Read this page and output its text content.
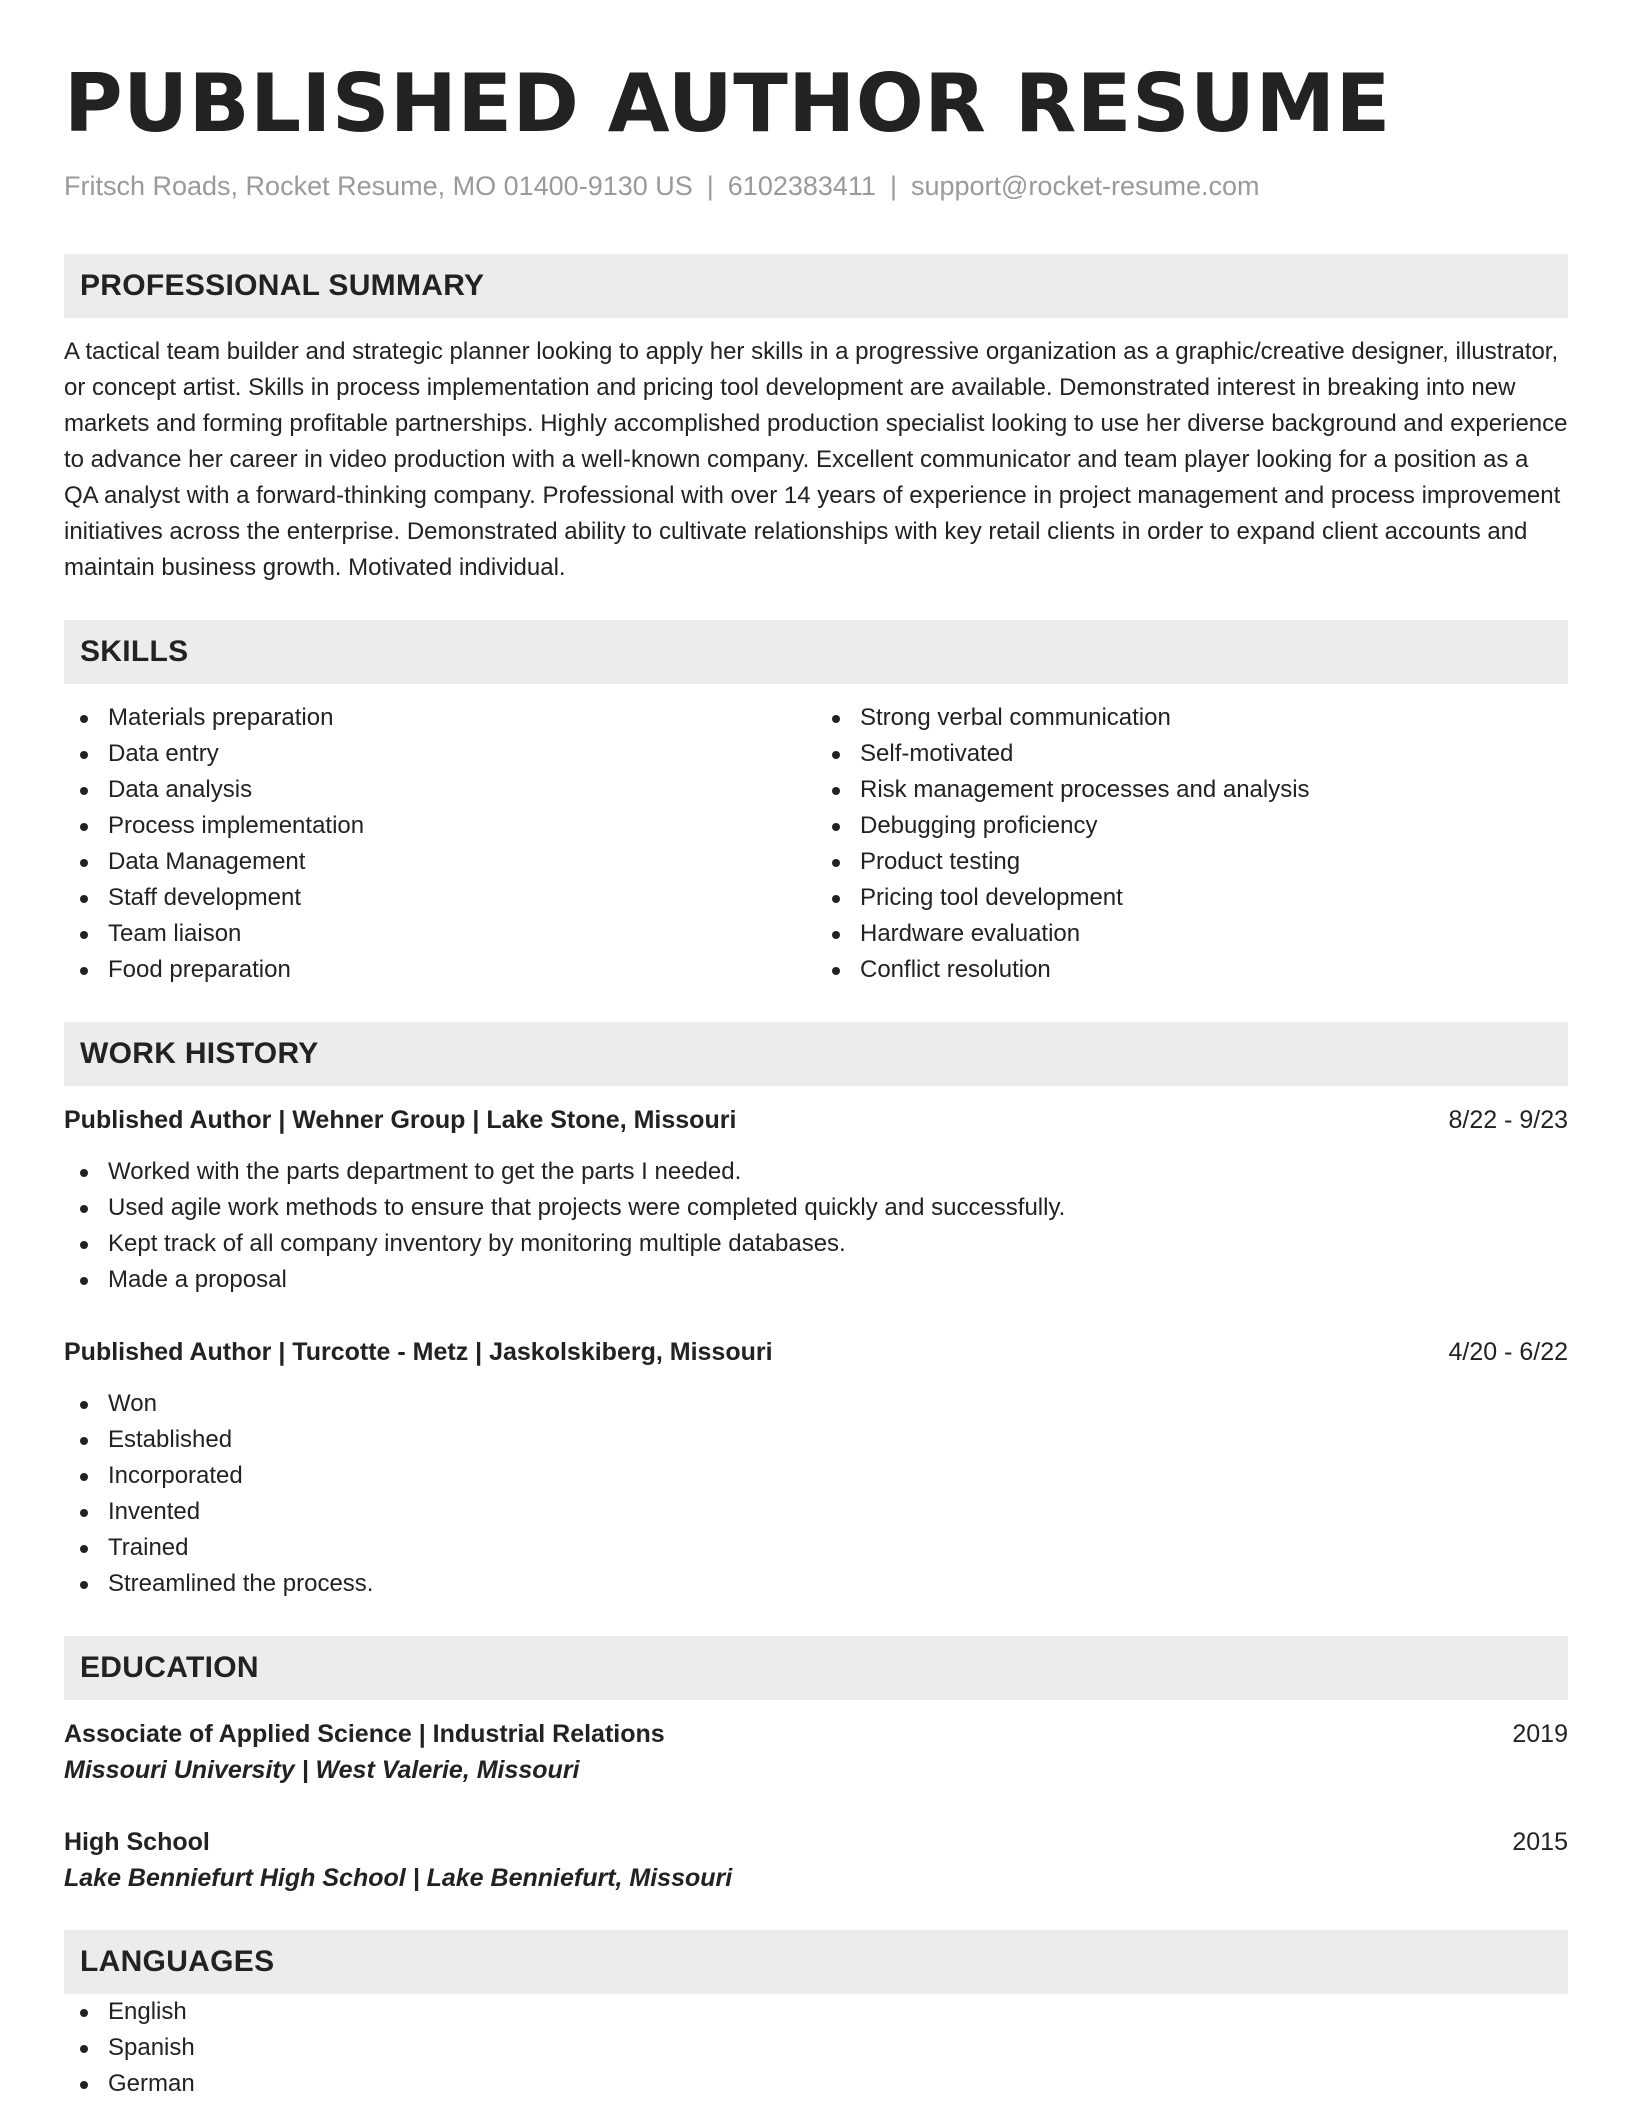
PUBLISHED AUTHOR RESUME
Fritsch Roads, Rocket Resume, MO 01400-9130 US | 6102383411 | support@rocket-resume.com
PROFESSIONAL SUMMARY
A tactical team builder and strategic planner looking to apply her skills in a progressive organization as a graphic/creative designer, illustrator, or concept artist. Skills in process implementation and pricing tool development are available. Demonstrated interest in breaking into new markets and forming profitable partnerships. Highly accomplished production specialist looking to use her diverse background and experience to advance her career in video production with a well-known company. Excellent communicator and team player looking for a position as a QA analyst with a forward-thinking company. Professional with over 14 years of experience in project management and process improvement initiatives across the enterprise. Demonstrated ability to cultivate relationships with key retail clients in order to expand client accounts and maintain business growth. Motivated individual.
SKILLS
Materials preparation
Data entry
Data analysis
Process implementation
Data Management
Staff development
Team liaison
Food preparation
Strong verbal communication
Self-motivated
Risk management processes and analysis
Debugging proficiency
Product testing
Pricing tool development
Hardware evaluation
Conflict resolution
WORK HISTORY
Published Author | Wehner Group | Lake Stone, Missouri	8/22 - 9/23
Worked with the parts department to get the parts I needed.
Used agile work methods to ensure that projects were completed quickly and successfully.
Kept track of all company inventory by monitoring multiple databases.
Made a proposal
Published Author | Turcotte - Metz | Jaskolskiberg, Missouri	4/20 - 6/22
Won
Established
Incorporated
Invented
Trained
Streamlined the process.
EDUCATION
Associate of Applied Science | Industrial Relations	2019
Missouri University | West Valerie, Missouri
High School	2015
Lake Benniefurt High School | Lake Benniefurt, Missouri
LANGUAGES
English
Spanish
German
